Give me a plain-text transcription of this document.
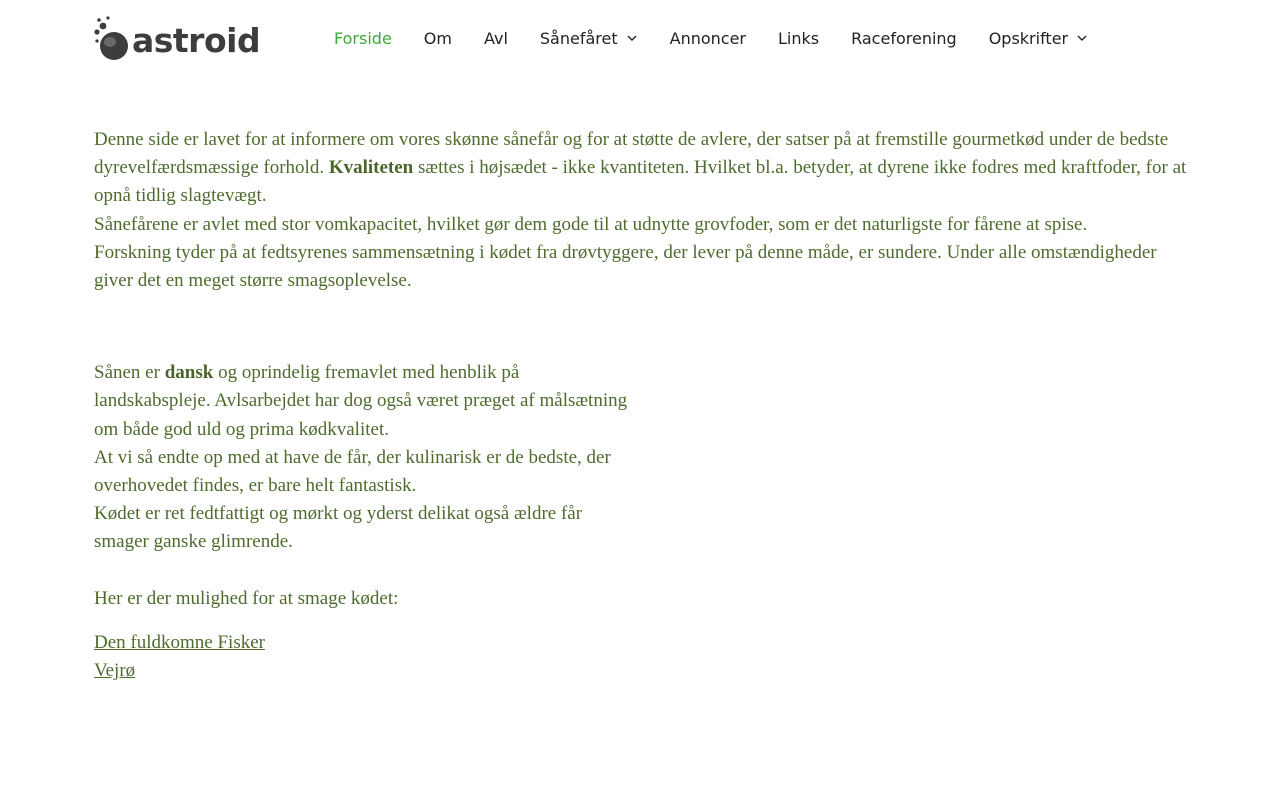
astroid	Forside Om Avl Sånefåret	Annoncer Links Raceforening Opskrifter

Denne side er lavet for at informere om vores skønne sånefår og for at støtte de avlere, der satser på at fremstille gourmetkød under de bedste dyrevelfærdsmæssige forhold. Kvaliteten sættes i højsædet - ikke kvantiteten. Hvilket bl.a. betyder, at dyrene ikke fodres med kraftfoder, for at opnå tidlig slagtevægt.

Sånefårene er avlet med stor vomkapacitet, hvilket gør dem gode til at udnytte grovfoder, som er det naturligste for fårene at spise.

Forskning tyder på at fedtsyrenes sammensætning i kødet fra drøvtyggere, der lever på denne måde, er sundere. Under alle omstændigheder giver det en meget større smagsoplevelse.

Sånen er dansk og oprindelig fremavlet med henblik på landskabspleje. Avlsarbejdet har dog også været præget af målsætning om både god uld og prima kødkvalitet.

At vi så endte op med at have de får, der kulinarisk er de bedste, der overhovedet findes, er bare helt fantastisk.

Kødet er ret fedtfattigt og mørkt og yderst delikat også ældre får smager ganske glimrende.

Her er der mulighed for at smage kødet:

Den fuldkomne Fisker
Vejrø
